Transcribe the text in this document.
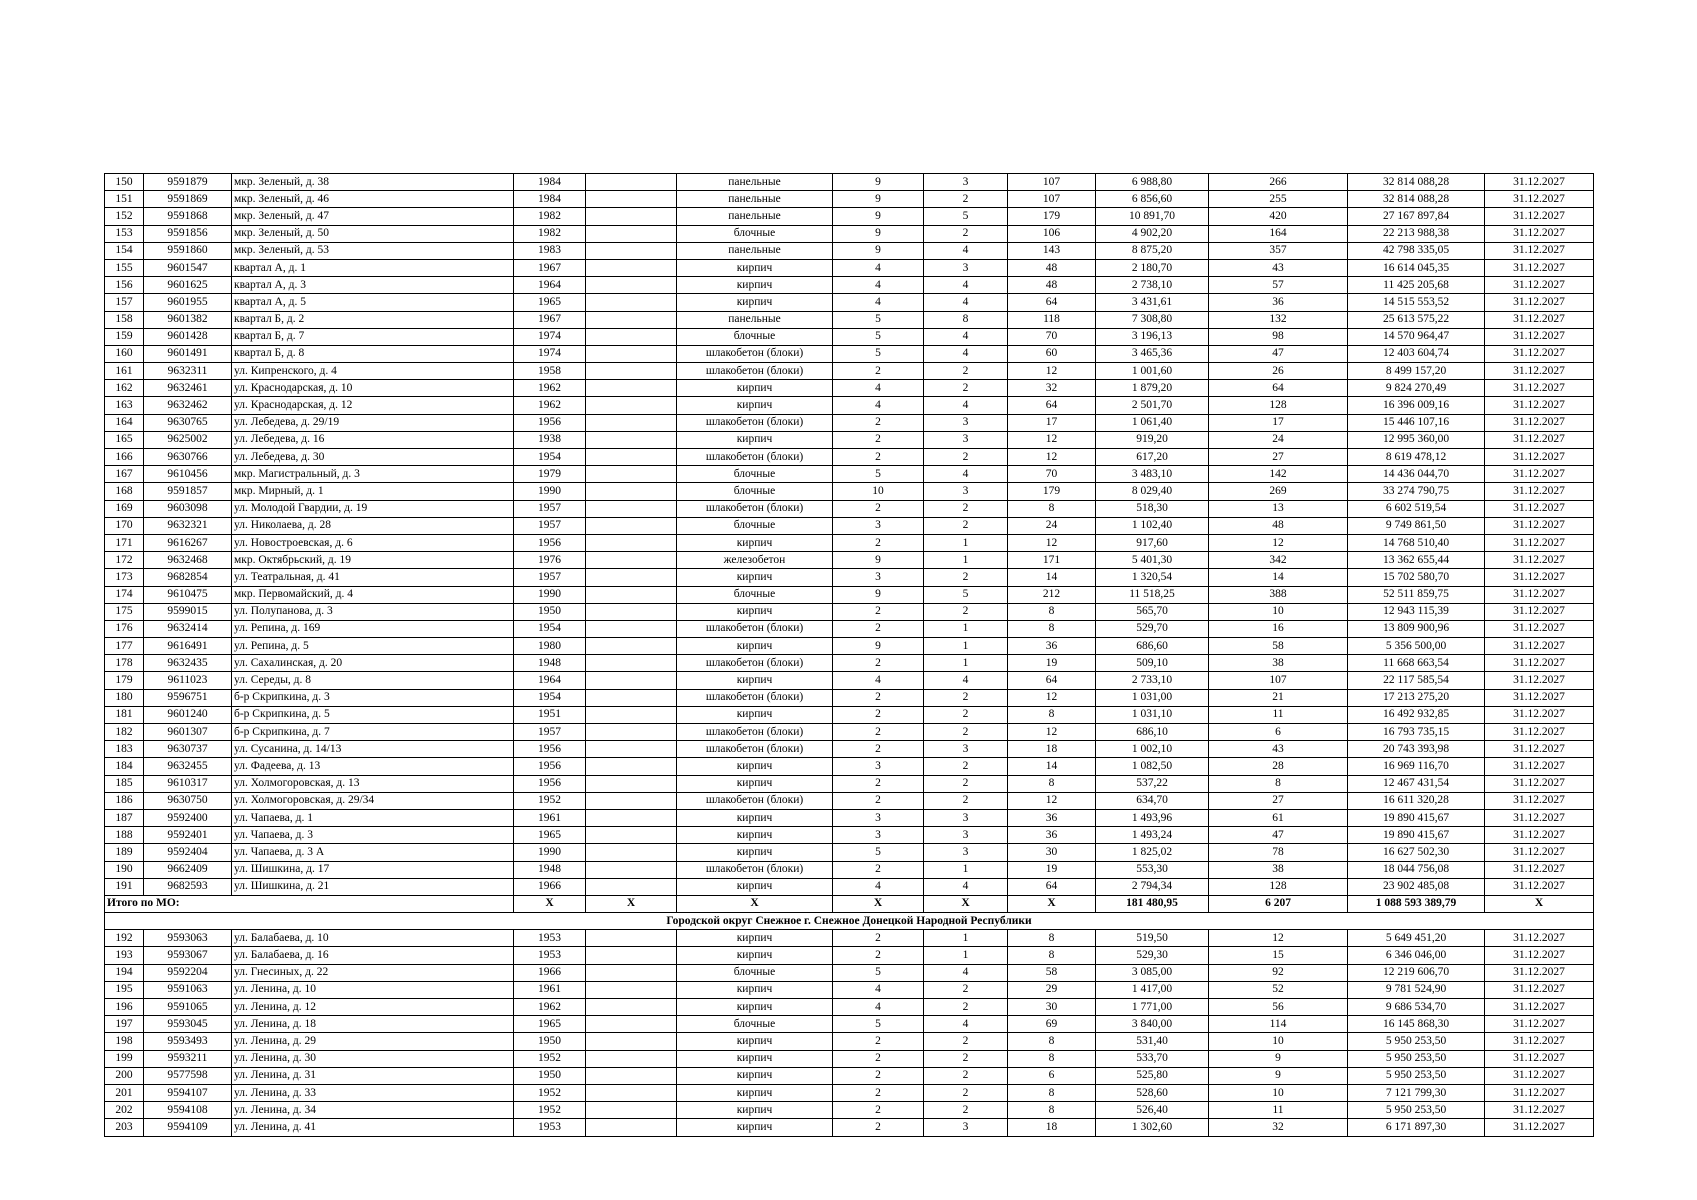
150	9591879	мкр. Зеленый, д. 38	1984		панельные	9	3	107	6 988,80	266	32 814 088,28	31.12.2027
151	9591869	мкр. Зеленый, д. 46	1984		панельные	9	2	107	6 856,60	255	32 814 088,28	31.12.2027
152	9591868	мкр. Зеленый, д. 47	1982		панельные	9	5	179	10 891,70	420	27 167 897,84	31.12.2027
153	9591856	мкр. Зеленый, д. 50	1982		блочные	9	2	106	4 902,20	164	22 213 988,38	31.12.2027
154	9591860	мкр. Зеленый, д. 53	1983		панельные	9	4	143	8 875,20	357	42 798 335,05	31.12.2027
155	9601547	квартал А, д. 1	1967		кирпич	4	3	48	2 180,70	43	16 614 045,35	31.12.2027
156	9601625	квартал А, д. 3	1964		кирпич	4	4	48	2 738,10	57	11 425 205,68	31.12.2027
157	9601955	квартал А, д. 5	1965		кирпич	4	4	64	3 431,61	36	14 515 553,52	31.12.2027
158	9601382	квартал Б, д. 2	1967		панельные	5	8	118	7 308,80	132	25 613 575,22	31.12.2027
159	9601428	квартал Б, д. 7	1974		блочные	5	4	70	3 196,13	98	14 570 964,47	31.12.2027
160	9601491	квартал Б, д. 8	1974		шлакобетон (блоки)	5	4	60	3 465,36	47	12 403 604,74	31.12.2027
161	9632311	ул. Кипренского, д. 4	1958		шлакобетон (блоки)	2	2	12	1 001,60	26	8 499 157,20	31.12.2027
162	9632461	ул. Краснодарская, д. 10	1962		кирпич	4	2	32	1 879,20	64	9 824 270,49	31.12.2027
163	9632462	ул. Краснодарская, д. 12	1962		кирпич	4	4	64	2 501,70	128	16 396 009,16	31.12.2027
164	9630765	ул. Лебедева, д. 29/19	1956		шлакобетон (блоки)	2	3	17	1 061,40	17	15 446 107,16	31.12.2027
165	9625002	ул. Лебедева, д. 16	1938		кирпич	2	3	12	919,20	24	12 995 360,00	31.12.2027
166	9630766	ул. Лебедева, д. 30	1954		шлакобетон (блоки)	2	2	12	617,20	27	8 619 478,12	31.12.2027
167	9610456	мкр. Магистральный, д. 3	1979		блочные	5	4	70	3 483,10	142	14 436 044,70	31.12.2027
168	9591857	мкр. Мирный, д. 1	1990		блочные	10	3	179	8 029,40	269	33 274 790,75	31.12.2027
169	9603098	ул. Молодой Гвардии, д. 19	1957		шлакобетон (блоки)	2	2	8	518,30	13	6 602 519,54	31.12.2027
170	9632321	ул. Николаева, д. 28	1957		блочные	3	2	24	1 102,40	48	9 749 861,50	31.12.2027
171	9616267	ул. Новостроевская, д. 6	1956		кирпич	2	1	12	917,60	12	14 768 510,40	31.12.2027
172	9632468	мкр. Октябрьский, д. 19	1976		железобетон	9	1	171	5 401,30	342	13 362 655,44	31.12.2027
173	9682854	ул. Театральная, д. 41	1957		кирпич	3	2	14	1 320,54	14	15 702 580,70	31.12.2027
174	9610475	мкр. Первомайский, д. 4	1990		блочные	9	5	212	11 518,25	388	52 511 859,75	31.12.2027
175	9599015	ул. Полупанова, д. 3	1950		кирпич	2	2	8	565,70	10	12 943 115,39	31.12.2027
176	9632414	ул. Репина, д. 169	1954		шлакобетон (блоки)	2	1	8	529,70	16	13 809 900,96	31.12.2027
177	9616491	ул. Репина, д. 5	1980		кирпич	9	1	36	686,60	58	5 356 500,00	31.12.2027
178	9632435	ул. Сахалинская, д. 20	1948		шлакобетон (блоки)	2	1	19	509,10	38	11 668 663,54	31.12.2027
179	9611023	ул. Середы, д. 8	1964		кирпич	4	4	64	2 733,10	107	22 117 585,54	31.12.2027
180	9596751	б-р Скрипкина, д. 3	1954		шлакобетон (блоки)	2	2	12	1 031,00	21	17 213 275,20	31.12.2027
181	9601240	б-р Скрипкина, д. 5	1951		кирпич	2	2	8	1 031,10	11	16 492 932,85	31.12.2027
182	9601307	б-р Скрипкина, д. 7	1957		шлакобетон (блоки)	2	2	12	686,10	6	16 793 735,15	31.12.2027
183	9630737	ул. Сусанина, д. 14/13	1956		шлакобетон (блоки)	2	3	18	1 002,10	43	20 743 393,98	31.12.2027
184	9632455	ул. Фадеева, д. 13	1956		кирпич	3	2	14	1 082,50	28	16 969 116,70	31.12.2027
185	9610317	ул. Холмогоровская, д. 13	1956		кирпич	2	2	8	537,22	8	12 467 431,54	31.12.2027
186	9630750	ул. Холмогоровская, д. 29/34	1952		шлакобетон (блоки)	2	2	12	634,70	27	16 611 320,28	31.12.2027
187	9592400	ул. Чапаева, д. 1	1961		кирпич	3	3	36	1 493,96	61	19 890 415,67	31.12.2027
188	9592401	ул. Чапаева, д. 3	1965		кирпич	3	3	36	1 493,24	47	19 890 415,67	31.12.2027
189	9592404	ул. Чапаева, д. 3 А	1990		кирпич	5	3	30	1 825,02	78	16 627 502,30	31.12.2027
190	9662409	ул. Шишкина, д. 17	1948		шлакобетон (блоки)	2	1	19	553,30	38	18 044 756,08	31.12.2027
191	9682593	ул. Шишкина, д. 21	1966		кирпич	4	4	64	2 794,34	128	23 902 485,08	31.12.2027
Итого по МО:			X	X	X	X	X	X	181 480,95	6 207	1 088 593 389,79	X
Городской округ Снежное г. Снежное Донецкой Народной Республики												
192	9593063	ул. Балабаева, д. 10	1953		кирпич	2	1	8	519,50	12	5 649 451,20	31.12.2027
193	9593067	ул. Балабаева, д. 16	1953		кирпич	2	1	8	529,30	15	6 346 046,00	31.12.2027
194	9592204	ул. Гнесиных, д. 22	1966		блочные	5	4	58	3 085,00	92	12 219 606,70	31.12.2027
195	9591063	ул. Ленина, д. 10	1961		кирпич	4	2	29	1 417,00	52	9 781 524,90	31.12.2027
196	9591065	ул. Ленина, д. 12	1962		кирпич	4	2	30	1 771,00	56	9 686 534,70	31.12.2027
197	9593045	ул. Ленина, д. 18	1965		блочные	5	4	69	3 840,00	114	16 145 868,30	31.12.2027
198	9593493	ул. Ленина, д. 29	1950		кирпич	2	2	8	531,40	10	5 950 253,50	31.12.2027
199	9593211	ул. Ленина, д. 30	1952		кирпич	2	2	8	533,70	9	5 950 253,50	31.12.2027
200	9577598	ул. Ленина, д. 31	1950		кирпич	2	2	6	525,80	9	5 950 253,50	31.12.2027
201	9594107	ул. Ленина, д. 33	1952		кирпич	2	2	8	528,60	10	7 121 799,30	31.12.2027
202	9594108	ул. Ленина, д. 34	1952		кирпич	2	2	8	526,40	11	5 950 253,50	31.12.2027
203	9594109	ул. Ленина, д. 41	1953		кирпич	2	3	18	1 302,60	32	6 171 897,30	31.12.2027
